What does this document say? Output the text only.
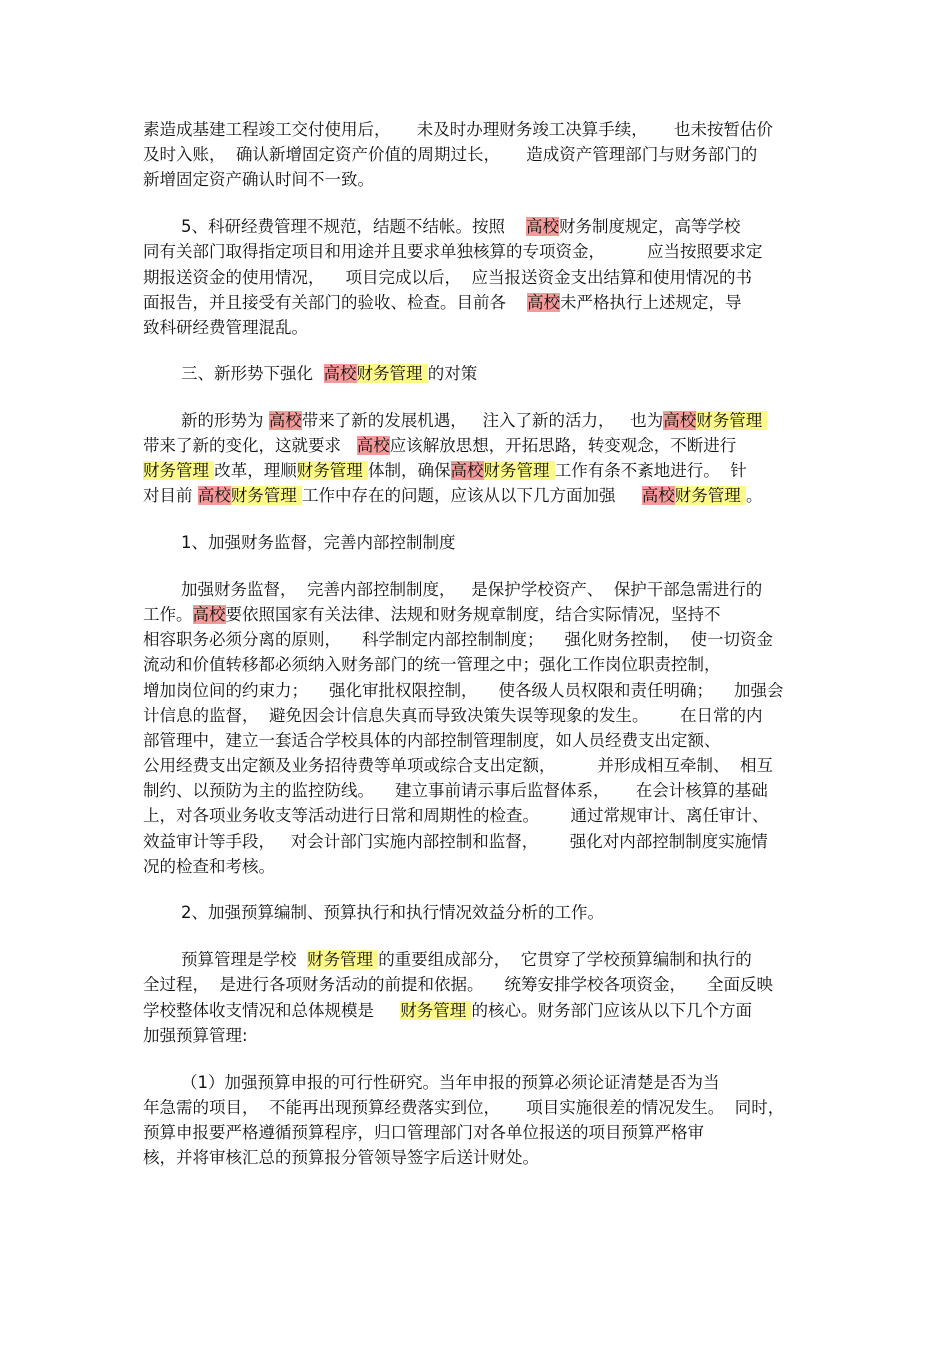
素造成基建工程竣工交付使用后，     未及时办理财务竣工决算手续，     也未按暂估价

及时入账，  确认新增固定资产价值的周期过长，     造成资产管理部门与财务部门的

新增固定资产确认时间不一致。

5、科研经费管理不规范，结题不结帐。按照    高校财务制度规定，高等学校

同有关部门取得指定项目和用途并且要求单独核算的专项资金，        应当按照要求定

期报送资金的使用情况，    项目完成以后，  应当报送资金支出结算和使用情况的书

面报告，并且接受有关部门的验收、检查。目前各    高校未严格执行上述规定，导

致科研经费管理混乱。

三、新形势下强化  高校财务管理 的对策

新的形势为 高校带来了新的发展机遇，   注入了新的活力，   也为高校财务管理

带来了新的变化，这就要求   高校应该解放思想，开拓思路，转变观念，不断进行

财务管理 改革，理顺财务管理 体制，确保高校财务管理 工作有条不紊地进行。  针

对目前 高校财务管理 工作中存在的问题，应该从以下几方面加强     高校财务管理 。

1、加强财务监督，完善内部控制制度

加强财务监督，  完善内部控制制度，   是保护学校资产、  保护干部急需进行的

工作。高校要依照国家有关法律、法规和财务规章制度，结合实际情况，坚持不

相容职务必须分离的原则，    科学制定内部控制制度；    强化财务控制，  使一切资金

流动和价值转移都必须纳入财务部门的统一管理之中；强化工作岗位职责控制，

增加岗位间的约束力；    强化审批权限控制，    使各级人员权限和责任明确；    加强会

计信息的监督，  避免因会计信息失真而导致决策失误等现象的发生。      在日常的内

部管理中，建立一套适合学校具体的内部控制管理制度，如人员经费支出定额、

公用经费支出定额及业务招待费等单项或综合支出定额，        并形成相互牵制、  相互

制约、以预防为主的监控防线。    建立事前请示事后监督体系，     在会计核算的基础

上，对各项业务收支等活动进行日常和周期性的检查。      通过常规审计、离任审计、

效益审计等手段，   对会计部门实施内部控制和监督，      强化对内部控制制度实施情

况的检查和考核。

2、加强预算编制、预算执行和执行情况效益分析的工作。

预算管理是学校  财务管理 的重要组成部分，  它贯穿了学校预算编制和执行的

全过程，  是进行各项财务活动的前提和依据。    统筹安排学校各项资金，    全面反映

学校整体收支情况和总体规模是     财务管理 的核心。财务部门应该从以下几个方面

加强预算管理:

（1）加强预算申报的可行性研究。当年申报的预算必须论证清楚是否为当

年急需的项目，  不能再出现预算经费落实到位，     项目实施很差的情况发生。  同时，

预算申报要严格遵循预算程序，归口管理部门对各单位报送的项目预算严格审

核，并将审核汇总的预算报分管领导签字后送计财处。
